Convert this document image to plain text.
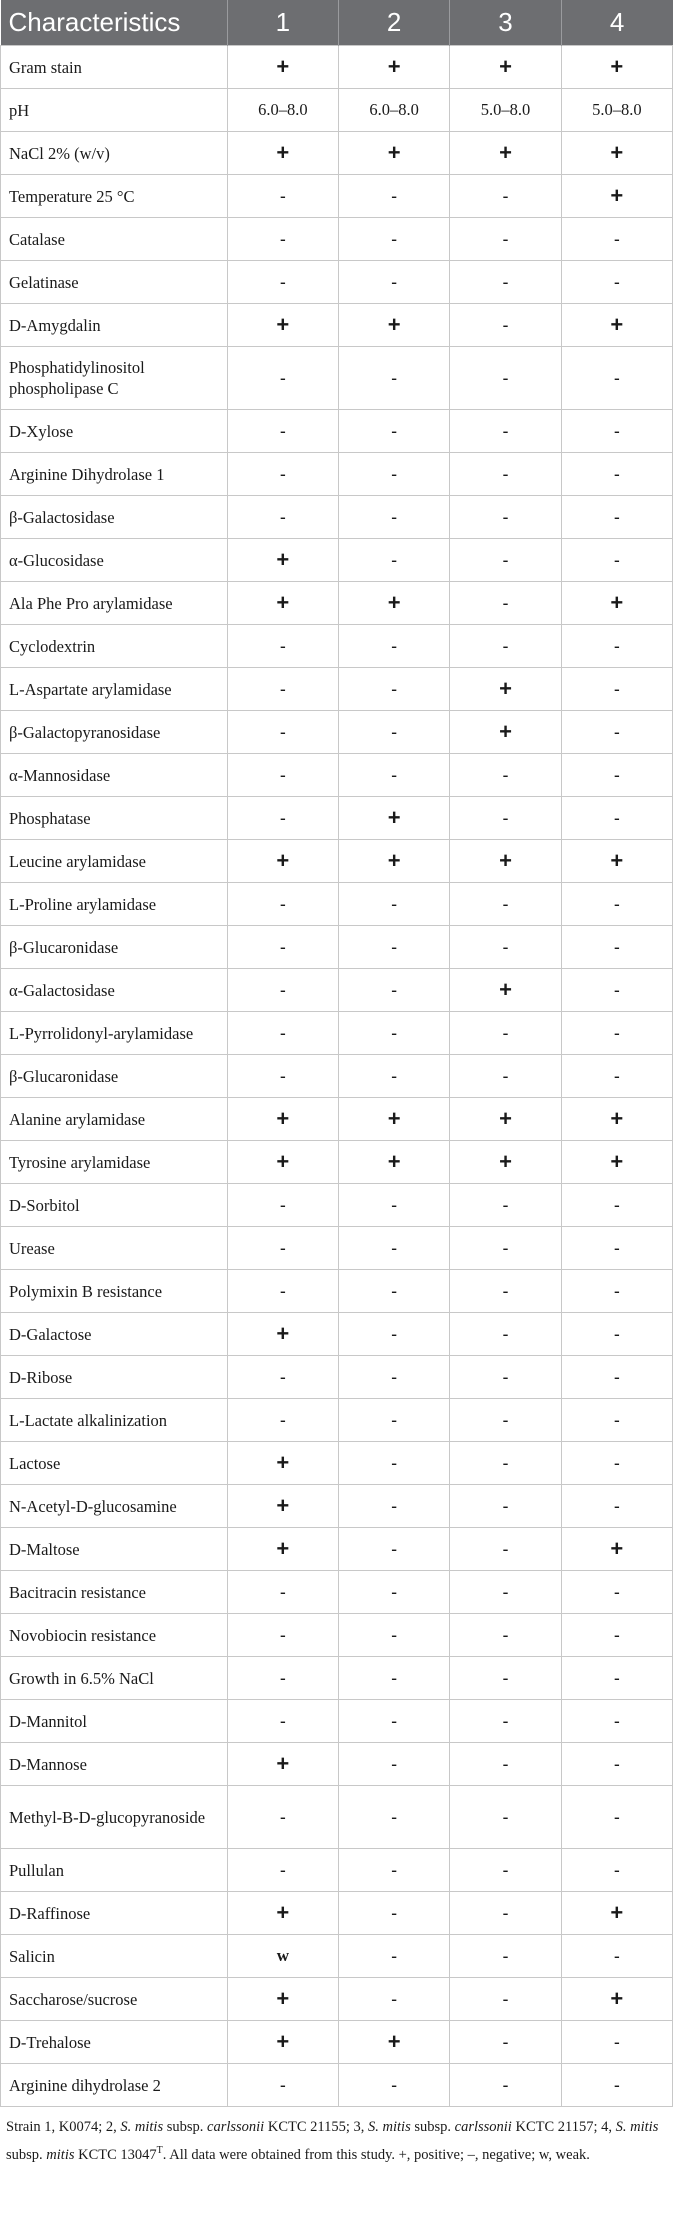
Characteristics	1	2	3	4
Gram stain	+	+	+	+
pH	6.0–8.0	6.0–8.0	5.0–8.0	5.0–8.0
NaCl 2% (w/v)	+	+	+	+
Temperature 25 °C	-	-	-	+
Catalase	-	-	-	-
Gelatinase	-	-	-	-
D-Amygdalin	+	+	-	+
Phosphatidylinositol phospholipase C	-	-	-	-
D-Xylose	-	-	-	-
Arginine Dihydrolase 1	-	-	-	-
β-Galactosidase	-	-	-	-
α-Glucosidase	+	-	-	-
Ala Phe Pro arylamidase	+	+	-	+
Cyclodextrin	-	-	-	-
L-Aspartate arylamidase	-	-	+	-
β-Galactopyranosidase	-	-	+	-
α-Mannosidase	-	-	-	-
Phosphatase	-	+	-	-
Leucine arylamidase	+	+	+	+
L-Proline arylamidase	-	-	-	-
β-Glucaronidase	-	-	-	-
α-Galactosidase	-	-	+	-
L-Pyrrolidonyl-arylamidase	-	-	-	-
β-Glucaronidase	-	-	-	-
Alanine arylamidase	+	+	+	+
Tyrosine arylamidase	+	+	+	+
D-Sorbitol	-	-	-	-
Urease	-	-	-	-
Polymixin B resistance	-	-	-	-
D-Galactose	+	-	-	-
D-Ribose	-	-	-	-
L-Lactate alkalinization	-	-	-	-
Lactose	+	-	-	-
N-Acetyl-D-glucosamine	+	-	-	-
D-Maltose	+	-	-	+
Bacitracin resistance	-	-	-	-
Novobiocin resistance	-	-	-	-
Growth in 6.5% NaCl	-	-	-	-
D-Mannitol	-	-	-	-
D-Mannose	+	-	-	-
Methyl-B-D-glucopyranoside	-	-	-	-
Pullulan	-	-	-	-
D-Raffinose	+	-	-	+
Salicin	w	-	-	-
Saccharose/sucrose	+	-	-	+
D-Trehalose	+	+	-	-
Arginine dihydrolase 2	-	-	-	-
Strain 1, K0074; 2, S. mitis subsp. carlssonii KCTC 21155; 3, S. mitis subsp. carlssonii KCTC 21157; 4, S. mitis subsp. mitis KCTC $13047^T$. All data were obtained from this study. +, positive; –, negative; w, weak.
